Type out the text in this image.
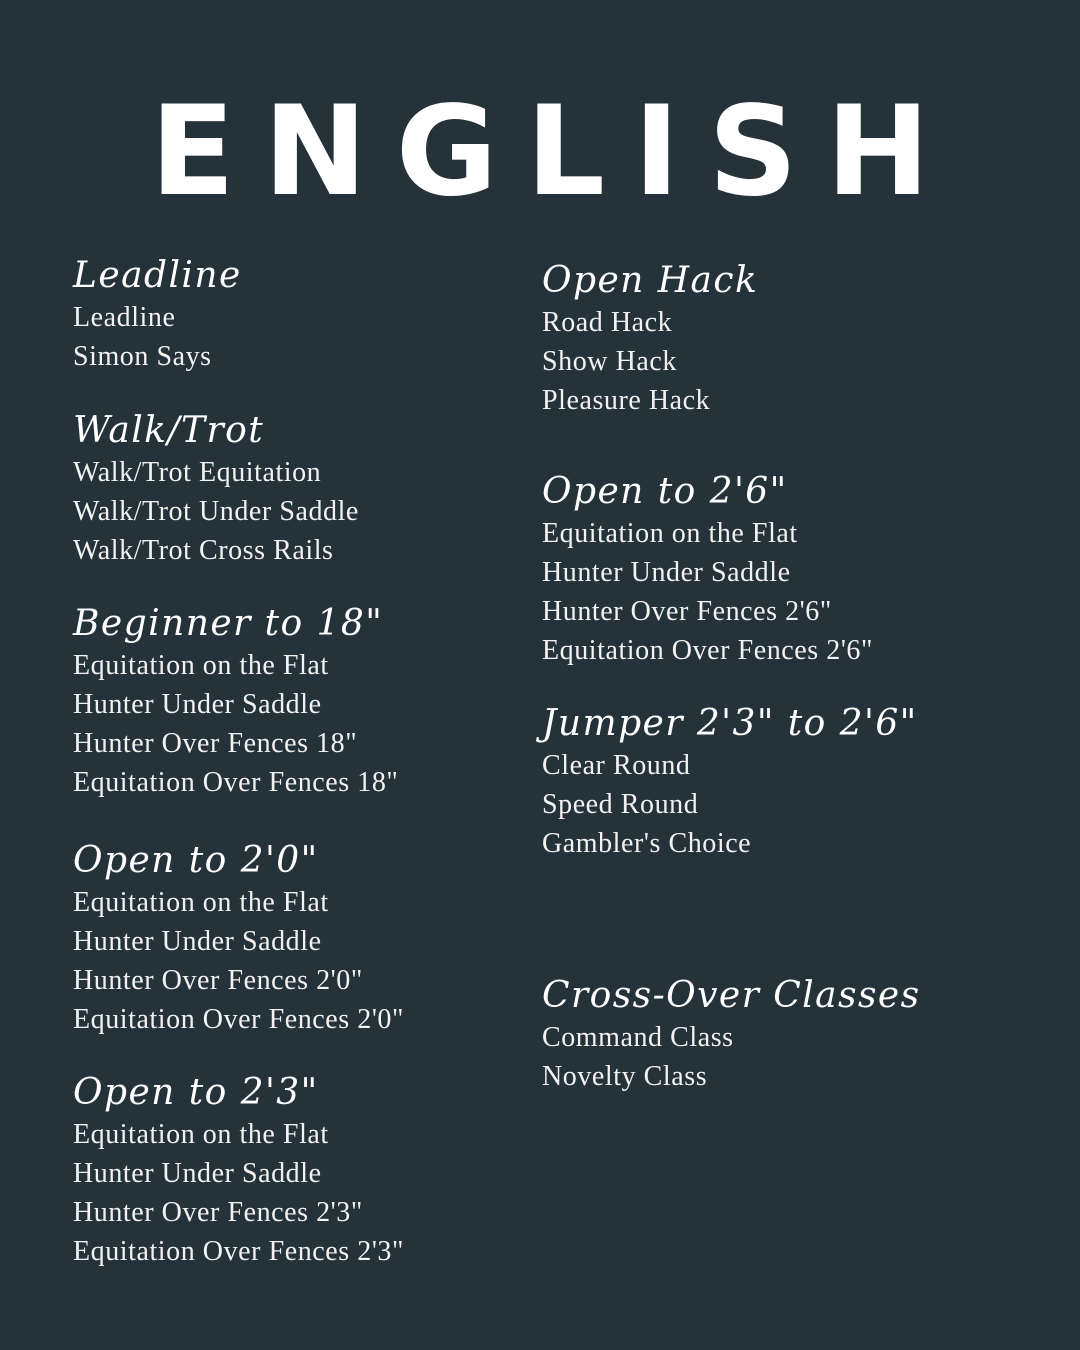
ENGLISH
Leadline
Leadline
Simon Says
Walk/Trot
Walk/Trot Equitation
Walk/Trot Under Saddle
Walk/Trot Cross Rails
Beginner to 18"
Equitation on the Flat
Hunter Under Saddle
Hunter Over Fences 18"
Equitation Over Fences 18"
Open to 2'0"
Equitation on the Flat
Hunter Under Saddle
Hunter Over Fences 2'0"
Equitation Over Fences 2'0"
Open to 2'3"
Equitation on the Flat
Hunter Under Saddle
Hunter Over Fences 2'3"
Equitation Over Fences 2'3"
Open Hack
Road Hack
Show Hack
Pleasure Hack
Open to 2'6"
Equitation on the Flat
Hunter Under Saddle
Hunter Over Fences 2'6"
Equitation Over Fences 2'6"
Jumper 2'3" to 2'6"
Clear Round
Speed Round
Gambler's Choice
Cross-Over Classes
Command Class
Novelty Class
